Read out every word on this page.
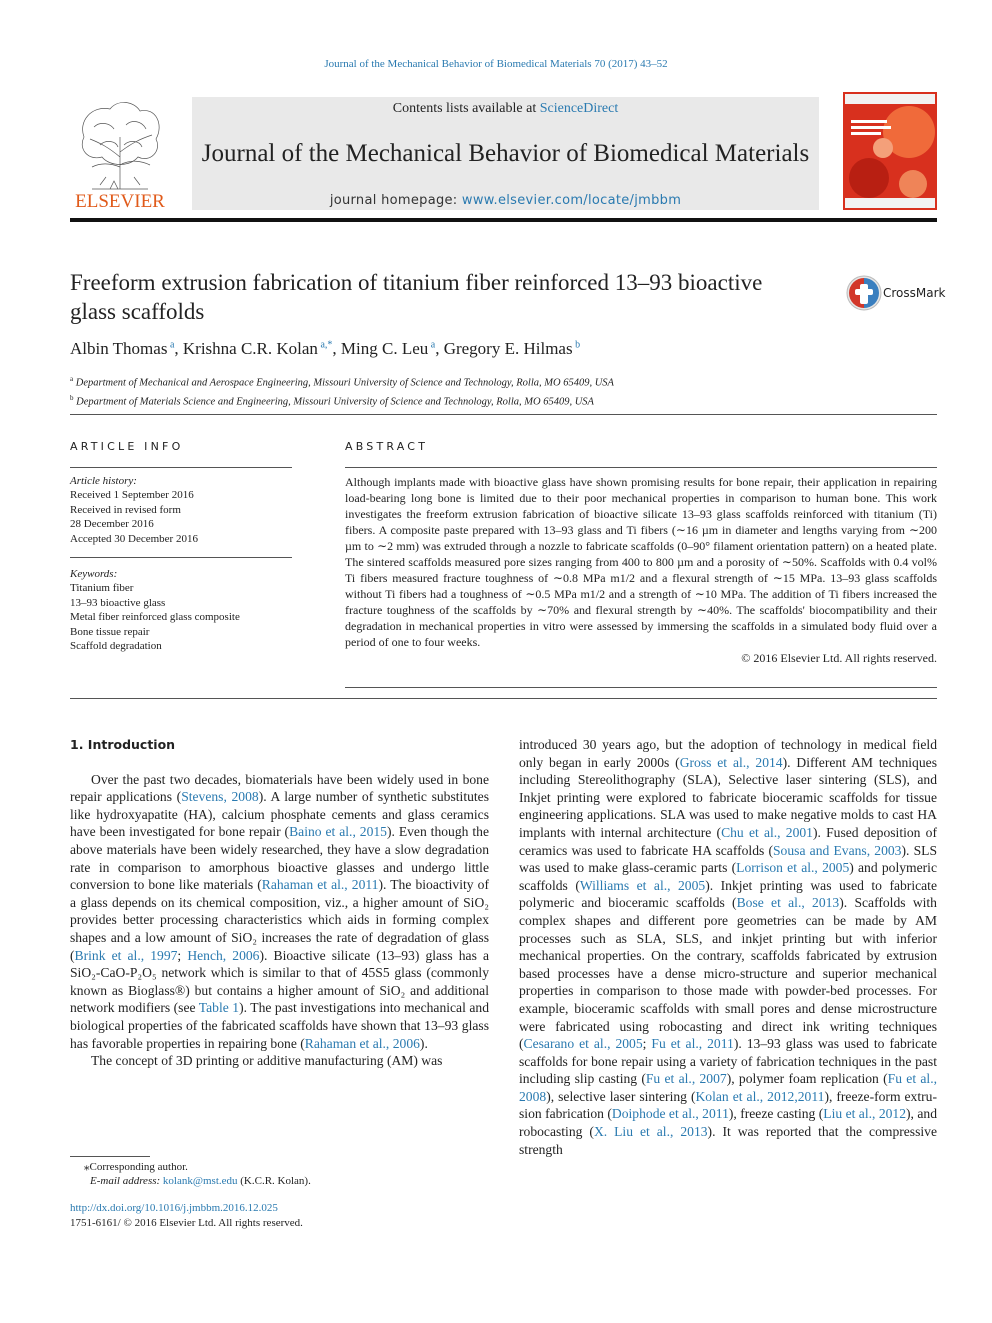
Journal of the Mechanical Behavior of Biomedical Materials 70 (2017) 43–52
ELSEVIER
Contents lists available at ScienceDirect
Journal of the Mechanical Behavior of Biomedical Materials
journal homepage: www.elsevier.com/locate/jmbbm
Freeform extrusion fabrication of titanium fiber reinforced 13–93 bioactive glass scaffolds
CrossMark
Albin Thomas $^a$, Krishna C.R. Kolan $^{a,*}$, Ming C. Leu $^a$, Gregory E. Hilmas $^b$
$^a$ Department of Mechanical and Aerospace Engineering, Missouri University of Science and Technology, Rolla, MO 65409, USA
$^b$ Department of Materials Science and Engineering, Missouri University of Science and Technology, Rolla, MO 65409, USA
ARTICLE INFO	ABSTRACT
Article history:
Received 1 September 2016
Received in revised form
28 December 2016
Accepted 30 December 2016
Keywords:
Titanium fiber
13–93 bioactive glass
Metal fiber reinforced glass composite
Bone tissue repair
Scaffold degradation
Although implants made with bioactive glass have shown promising results for bone repair, their application in repairing load-bearing long bone is limited due to their poor mechanical properties in comparison to human bone. This work investigates the freeform extrusion fabrication of bioactive silicate 13–93 glass scaffolds reinforced with titanium (Ti) fibers. A composite paste prepared with 13–93 glass and Ti fibers (∼16 µm in diameter and lengths varying from ∼200 µm to ∼2 mm) was extruded through a nozzle to fabricate scaffolds (0–90° filament orientation pattern) on a heated plate. The sintered scaffolds measured pore sizes ranging from 400 to 800 µm and a porosity of ∼50%. Scaffolds with 0.4 vol% Ti fibers measured fracture toughness of ∼0.8 MPa m1/2 and a flexural strength of ∼15 MPa. 13–93 glass scaffolds without Ti fibers had a toughness of ∼0.5 MPa m1/2 and a strength of ∼10 MPa. The addition of Ti fibers increased the fracture toughness of the scaffolds by ∼70% and flexural strength by ∼40%. The scaffolds' biocompatibility and their degradation in mechanical properties in vitro were assessed by immersing the scaffolds in a simulated body fluid over a period of one to four weeks.
© 2016 Elsevier Ltd. All rights reserved.
1. Introduction

Over the past two decades, biomaterials have been widely used in bone repair applications (Stevens, 2008). A large number of synthetic substitutes like hydroxyapatite (HA), calcium phosphate cements and glass ceramics have been investigated for bone repair (Baino et al., 2015). Even though the above materials have been widely researched, they have a slow degradation rate in comparison to amorphous bioactive glasses and undergo little conversion to bone like materials (Rahaman et al., 2011). The bioactivity of a glass depends on its chemical composition, viz., a higher amount of SiO₂ provides better processing characteristics which aids in forming complex shapes and a low amount of SiO₂ increases the rate of degradation of glass (Brink et al., 1997; Hench, 2006). Bioactive silicate (13–93) glass has a SiO₂-CaO-P₂O₅ network which is similar to that of 45S5 glass (commonly known as Bioglass®) but contains a higher amount of SiO₂ and additional network modifiers (see Table 1). The past investigations into mechanical and biological properties of the fabricated scaffolds have shown that 13–93 glass has favorable properties in repairing bone (Rahaman et al., 2006).

The concept of 3D printing or additive manufacturing (AM) was

introduced 30 years ago, but the adoption of technology in medical field only began in early 2000s (Gross et al., 2014). Different AM techniques including Stereolithography (SLA), Selective laser sintering (SLS), and Inkjet printing were explored to fabricate bioceramic scaffolds for tissue engineering applications. SLA was used to make negative molds to cast HA implants with internal architecture (Chu et al., 2001). Fused deposition of ceramics was used to fabricate HA scaffolds (Sousa and Evans, 2003). SLS was used to make glass-ceramic parts (Lorrison et al., 2005) and polymeric scaffolds (Williams et al., 2005). Inkjet printing was used to fabricate polymeric and bioceramic scaffolds (Bose et al., 2013). Scaffolds with complex shapes and different pore geometries can be made by AM processes such as SLA, SLS, and inkjet printing but with inferior mechanical properties. On the contrary, scaffolds fabricated by extrusion based processes have a dense micro-structure and superior mechanical properties in comparison to those made with powder-bed processes. For example, bioceramic scaffolds with small pores and dense microstructure were fabricated using robocasting and direct ink writing techniques (Cesarano et al., 2005; Fu et al., 2011). 13–93 glass was used to fabricate scaffolds for bone repair using a variety of fabrication techniques in the past including slip casting (Fu et al., 2007), polymer foam replication (Fu et al., 2008), selective laser sintering (Kolan et al., 2012,2011), freeze-form extru-sion fabrication (Doiphode et al., 2011), freeze casting (Liu et al., 2012), and robocasting (X. Liu et al., 2013). It was reported that the compressive strength

⁎Corresponding author.
E-mail address: kolank@mst.edu (K.C.R. Kolan).
http://dx.doi.org/10.1016/j.jmbbm.2016.12.025
1751-6161/ © 2016 Elsevier Ltd. All rights reserved.
